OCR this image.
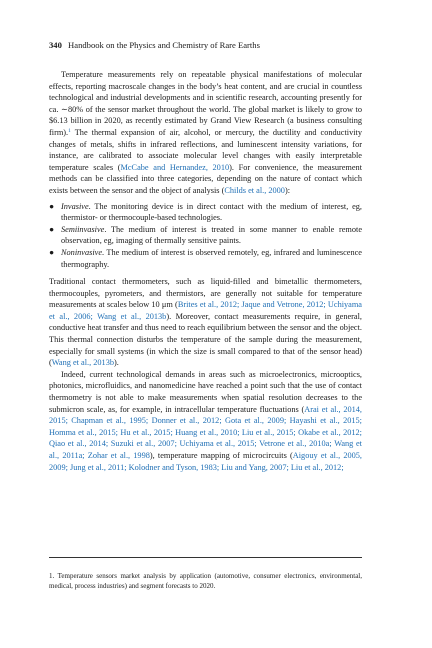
340 Handbook on the Physics and Chemistry of Rare Earths

Temperature measurements rely on repeatable physical manifestations of molecular effects, reporting macroscale changes in the body’s heat content, and are crucial in countless technological and industrial developments and in scientific research, accounting presently for ca. ∼80% of the sensor market throughout the world. The global market is likely to grow to $6.13 billion in 2020, as recently estimated by Grand View Research (a business consulting firm).$^1$ The thermal expansion of air, alcohol, or mercury, the ductility and conductivity changes of metals, shifts in infrared reflections, and luminescent intensity variations, for instance, are calibrated to associate molecular level changes with easily interpretable temperature scales (McCabe and Hernandez, 2010). For convenience, the measurement methods can be classified into three categories, depending on the nature of contact which exists between the sensor and the object of analysis (Childs et al., 2000):

● Invasive. The monitoring device is in direct contact with the medium of interest, eg, thermistor- or thermocouple-based technologies.
● Semiinvasive. The medium of interest is treated in some manner to enable remote observation, eg, imaging of thermally sensitive paints.
● Noninvasive. The medium of interest is observed remotely, eg, infrared and luminescence thermography.

Traditional contact thermometers, such as liquid-filled and bimetallic thermometers, thermocouples, pyrometers, and thermistors, are generally not suitable for temperature measurements at scales below 10 μm (Brites et al., 2012; Jaque and Vetrone, 2012; Uchiyama et al., 2006; Wang et al., 2013b). Moreover, contact measurements require, in general, conductive heat transfer and thus need to reach equilibrium between the sensor and the object. This thermal connection disturbs the temperature of the sample during the measurement, especially for small systems (in which the size is small compared to that of the sensor head) (Wang et al., 2013b).

Indeed, current technological demands in areas such as microelectronics, microoptics, photonics, microfluidics, and nanomedicine have reached a point such that the use of contact thermometry is not able to make measurements when spatial resolution decreases to the submicron scale, as, for example, in intracellular temperature fluctuations (Arai et al., 2014, 2015; Chapman et al., 1995; Donner et al., 2012; Gota et al., 2009; Hayashi et al., 2015; Homma et al., 2015; Hu et al., 2015; Huang et al., 2010; Liu et al., 2015; Okabe et al., 2012; Qiao et al., 2014; Suzuki et al., 2007; Uchiyama et al., 2015; Vetrone et al., 2010a; Wang et al., 2011a; Zohar et al., 1998), temperature mapping of microcircuits (Aigouy et al., 2005, 2009; Jung et al., 2011; Kolodner and Tyson, 1983; Liu and Yang, 2007; Liu et al., 2012;

1. Temperature sensors market analysis by application (automotive, consumer electronics, environmental, medical, process industries) and segment forecasts to 2020.
